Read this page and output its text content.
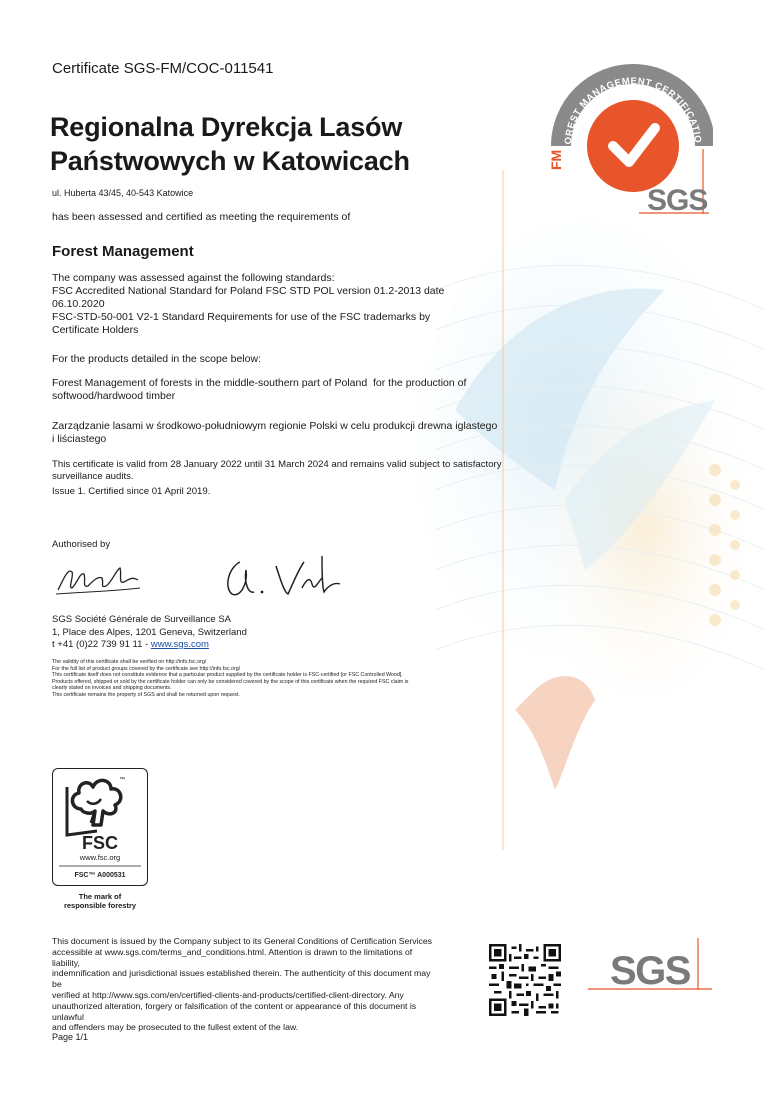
OREST MANAGEMENT CERTIFICATIO
FM
SGS
Certificate SGS-FM/COC-011541
Regionalna Dyrekcja Lasów
Państwowych w Katowicach
ul. Huberta 43/45, 40-543 Katowice
has been assessed and certified as meeting the requirements of
Forest Management
The company was assessed against the following standards:
FSC Accredited National Standard for Poland FSC STD POL version 01.2-2013 date
06.10.2020
FSC-STD-50-001 V2-1 Standard Requirements for use of the FSC trademarks by
Certificate Holders
For the products detailed in the scope below:
Forest Management of forests in the middle-southern part of Poland  for the production of
softwood/hardwood timber
Zarządzanie lasami w środkowo-południowym regionie Polski w celu produkcji drewna iglastego
i liściastego
This certificate is valid from 28 January 2022 until 31 March 2024 and remains valid subject to satisfactory
surveillance audits.
Issue 1. Certified since 01 April 2019.
Authorised by
SGS Société Générale de Surveillance SA
1, Place des Alpes, 1201 Geneva, Switzerland
t +41 (0)22 739 91 11 - www.sgs.com
The validity of this certificate shall be verified on http://info.fsc.org/
For the full list of product groups covered by the certificate see http://info.fsc.org/
This certificate itself does not constitute evidence that a particular product supplied by the certificate holder is FSC-certified [or FSC Controlled Wood].
Products offered, shipped or sold by the certificate holder can only be considered covered by the scope of this certificate when the required FSC claim is
clearly stated on invoices and shipping documents.
This certificate remains the property of SGS and shall be returned upon request.
™
FSC
www.fsc.org
FSC™ A000531
The mark of
responsible forestry
This document is issued by the Company subject to its General Conditions of Certification Services
accessible at www.sgs.com/terms_and_conditions.html. Attention is drawn to the limitations of liability,
indemnification and jurisdictional issues established therein. The authenticity of this document may be
verified at http://www.sgs.com/en/certified-clients-and-products/certified-client-directory. Any
unauthorized alteration, forgery or falsification of the content or appearance of this document is unlawful
and offenders may be prosecuted to the fullest extent of the law.
SGS
Page 1/1
